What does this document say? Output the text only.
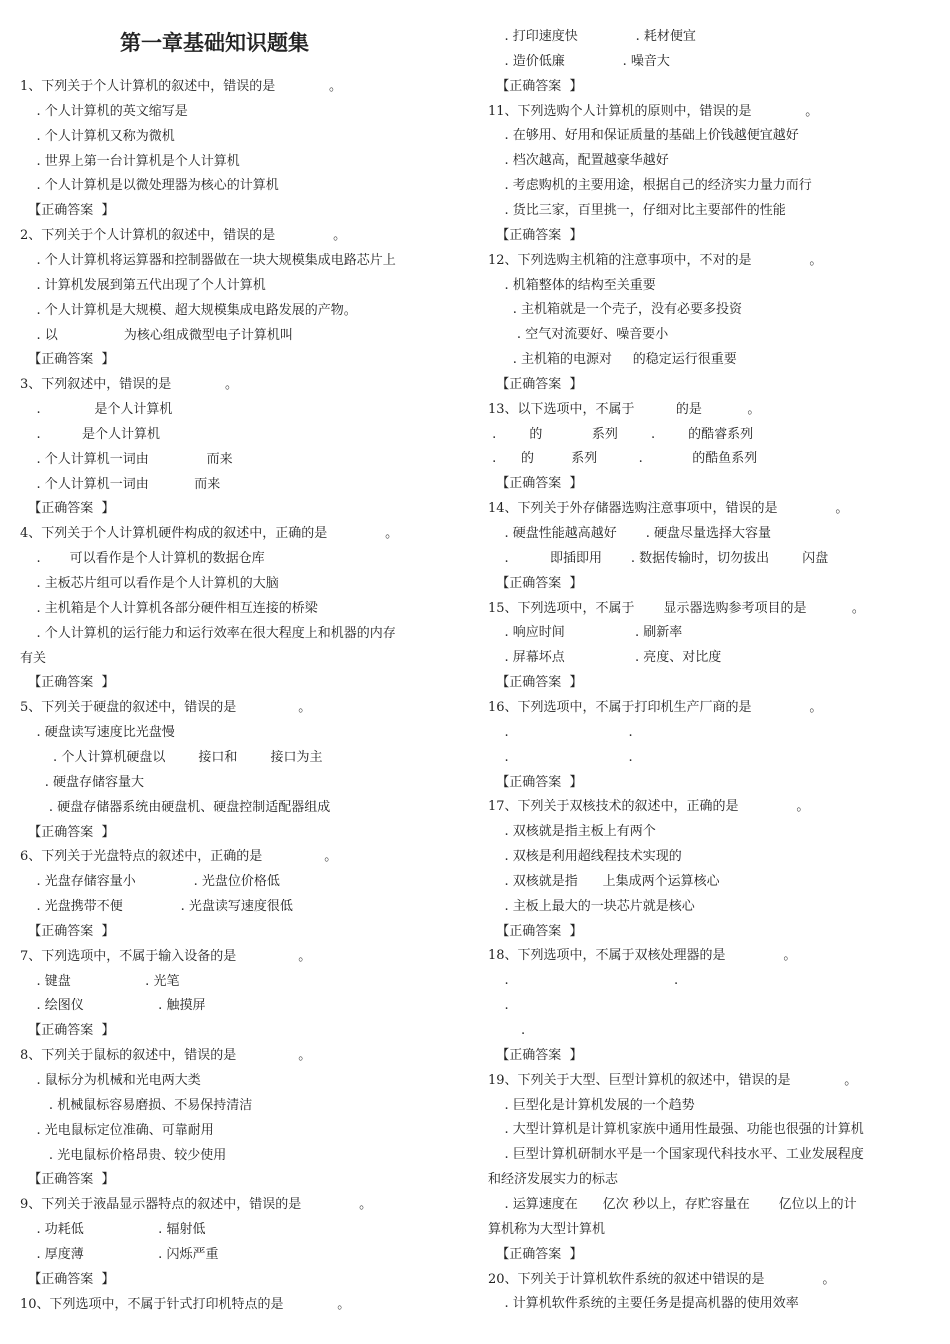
第一章基础知识题集
1、下列关于个人计算机的叙述中，错误的是             。
. 个人计算机的英文缩写是
. 个人计算机又称为微机
. 世界上第一台计算机是个人计算机
. 个人计算机是以微处理器为核心的计算机
【正确答案  】
2、下列关于个人计算机的叙述中，错误的是              。
. 个人计算机将运算器和控制器做在一块大规模集成电路芯片上
. 计算机发展到第五代出现了个人计算机
. 个人计算机是大规模、超大规模集成电路发展的产物。
. 以                为核心组成微型电子计算机叫
【正确答案  】
3、下列叙述中，错误的是             。
.             是个人计算机
.          是个人计算机
. 个人计算机一词由              而来
. 个人计算机一词由           而来
【正确答案  】
4、下列关于个人计算机硬件构成的叙述中，正确的是              。
.       可以看作是个人计算机的数据仓库
. 主板芯片组可以看作是个人计算机的大脑
. 主机箱是个人计算机各部分硬件相互连接的桥梁
. 个人计算机的运行能力和运行效率在很大程度上和机器的内存
有关
【正确答案  】
5、下列关于硬盘的叙述中，错误的是               。
. 硬盘读写速度比光盘慢
. 个人计算机硬盘以        接口和        接口为主
. 硬盘存储容量大
. 硬盘存储器系统由硬盘机、硬盘控制适配器组成
【正确答案  】
6、下列关于光盘特点的叙述中，正确的是               。
. 光盘存储容量小              . 光盘位价格低
. 光盘携带不便              . 光盘读写速度很低
【正确答案  】
7、下列选项中，不属于输入设备的是               。
. 键盘                  . 光笔
. 绘图仪                  . 触摸屏
【正确答案  】
8、下列关于鼠标的叙述中，错误的是               。
. 鼠标分为机械和光电两大类
. 机械鼠标容易磨损、不易保持清洁
. 光电鼠标定位准确、可靠耐用
. 光电鼠标价格昂贵、较少使用
【正确答案  】
9、下列关于液晶显示器特点的叙述中，错误的是              。
. 功耗低                  . 辐射低
. 厚度薄                  . 闪烁严重
【正确答案  】
10、下列选项中，不属于针式打印机特点的是             。
. 打印速度快              . 耗材便宜
. 造价低廉              . 噪音大
【正确答案  】
11、下列选购个人计算机的原则中，错误的是             。
. 在够用、好用和保证质量的基础上价钱越便宜越好
. 档次越高，配置越豪华越好
. 考虑购机的主要用途，根据自己的经济实力量力而行
. 货比三家，百里挑一，仔细对比主要部件的性能
【正确答案  】
12、下列选购主机箱的注意事项中，不对的是              。
. 机箱整体的结构至关重要
. 主机箱就是一个壳子，没有必要多投资
. 空气对流要好、噪音要小
. 主机箱的电源对     的稳定运行很重要
【正确答案  】
13、以下选项中，不属于          的是           。
.        的            系列        .        的酷睿系列
.      的         系列          .            的酷鱼系列
【正确答案  】
14、下列关于外存储器选购注意事项中，错误的是              。
. 硬盘性能越高越好       . 硬盘尽量选择大容量
.          即插即用       . 数据传输时，切勿拔出        闪盘
【正确答案  】
15、下列选项中，不属于       显示器选购参考项目的是           。
. 响应时间                 . 刷新率
. 屏幕坏点                 . 亮度、对比度
【正确答案  】
16、下列选项中，不属于打印机生产厂商的是              。
.                             .
.                             .
【正确答案  】
17、下列关于双核技术的叙述中，正确的是              。
. 双核就是指主板上有两个
. 双核是利用超线程技术实现的
. 双核就是指      上集成两个运算核心
. 主板上最大的一块芯片就是核心
【正确答案  】
18、下列选项中，不属于双核处理器的是              。
.                                        .
.
.
【正确答案  】
19、下列关于大型、巨型计算机的叙述中，错误的是             。
. 巨型化是计算机发展的一个趋势
. 大型计算机是计算机家族中通用性最强、功能也很强的计算机
. 巨型计算机研制水平是一个国家现代科技水平、工业发展程度
和经济发展实力的标志
. 运算速度在      亿次 秒以上，存贮容量在       亿位以上的计
算机称为大型计算机
【正确答案  】
20、下列关于计算机软件系统的叙述中错误的是              。
. 计算机软件系统的主要任务是提高机器的使用效率
